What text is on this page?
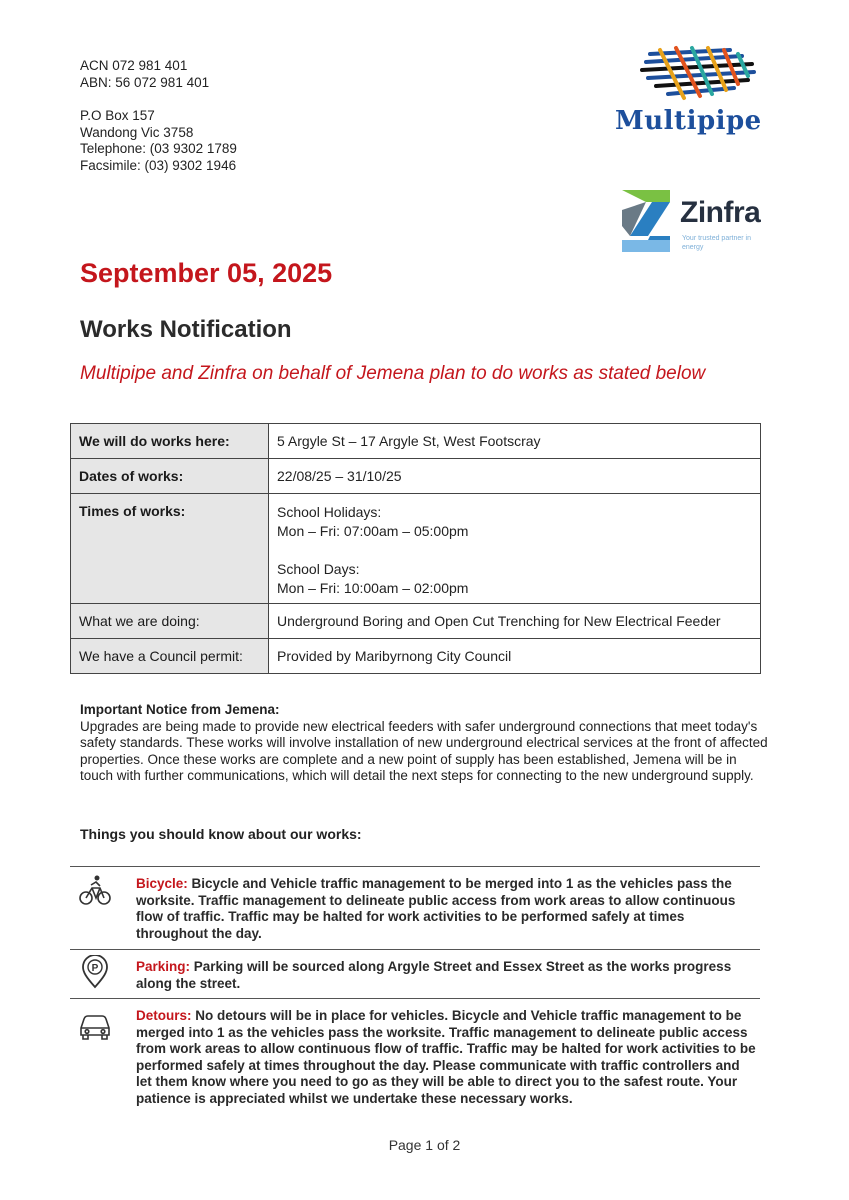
ACN 072 981 401
ABN: 56 072 981 401
P.O Box 157
Wandong Vic 3758
Telephone: (03 9302 1789
Facsimile: (03) 9302 1946
Multipipe
Zinfra
Your trusted partner in energy
September 05, 2025
Works Notification
Multipipe and Zinfra on behalf of Jemena plan to do works as stated below
We will do works here:	5 Argyle St – 17 Argyle St, West Footscray
Dates of works:	22/08/25 – 31/10/25
Times of works:	School Holidays:
Mon – Fri: 07:00am – 05:00pm
School Days:
Mon – Fri: 10:00am – 02:00pm

What we are doing:	Underground Boring and Open Cut Trenching for New Electrical Feeder
We have a Council permit:	Provided by Maribyrnong City Council
Important Notice from Jemena:
Upgrades are being made to provide new electrical feeders with safer underground connections that meet today's safety standards. These works will involve installation of new underground electrical services at the front of affected properties. Once these works are complete and a new point of supply has been established, Jemena will be in touch with further communications, which will detail the next steps for connecting to the new underground supply.
Things you should know about our works:
Bicycle: Bicycle and Vehicle traffic management to be merged into 1 as the vehicles pass the worksite. Traffic management to delineate public access from work areas to allow continuous flow of traffic. Traffic may be halted for work activities to be performed safely at times throughout the day.
P	Parking: Parking will be sourced along Argyle Street and Essex Street as the works progress along the street.
Detours: No detours will be in place for vehicles. Bicycle and Vehicle traffic management to be merged into 1 as the vehicles pass the worksite. Traffic management to delineate public access from work areas to allow continuous flow of traffic. Traffic may be halted for work activities to be performed safely at times throughout the day. Please communicate with traffic controllers and let them know where you need to go as they will be able to direct you to the safest route. Your patience is appreciated whilst we undertake these necessary works.
Page 1 of 2
